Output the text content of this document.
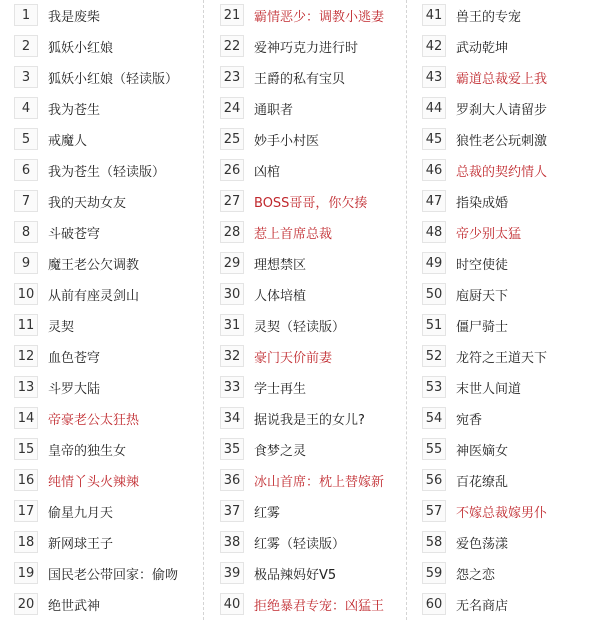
1	我是废柴
2	狐妖小红娘
3	狐妖小红娘（轻读版）
4	我为苍生
5	戒魔人
6	我为苍生（轻读版）
7	我的天劫女友
8	斗破苍穹
9	魔王老公欠调教
10 从前有座灵剑山
11 灵契
12 血色苍穹
13 斗罗大陆
14 帝豪老公太狂热
15 皇帝的独生女
16 纯情丫头火辣辣
17 偷星九月天
18 新网球王子
19 国民老公带回家：偷吻
20 绝世武神
21 霸情恶少：调教小逃妻
22 爱神巧克力进行时
23 王爵的私有宝贝
24 通职者
25 妙手小村医
26 凶棺
27 BOSS哥哥，你欠揍
28 惹上首席总裁
29 理想禁区
30 人体培植
31 灵契（轻读版）
32 豪门天价前妻
33 学士再生
34 据说我是王的女儿?
35 食梦之灵
36 冰山首席：枕上替嫁新
37 红雾
38 红雾（轻读版）
39 极品辣妈好V5
40 拒绝暴君专宠：凶猛王
41 兽王的专宠
42 武动乾坤
43 霸道总裁爱上我
44 罗刹大人请留步
45 狼性老公玩刺激
46 总裁的契约情人
47 指染成婚
48 帝少别太猛
49 时空使徒
50 庖厨天下
51 僵尸骑士
52 龙符之王道天下
53 末世人间道
54 宛香
55 神医嫡女
56 百花缭乱
57 不嫁总裁嫁男仆
58 爱色荡漾
59 怨之恋
60 无名商店
